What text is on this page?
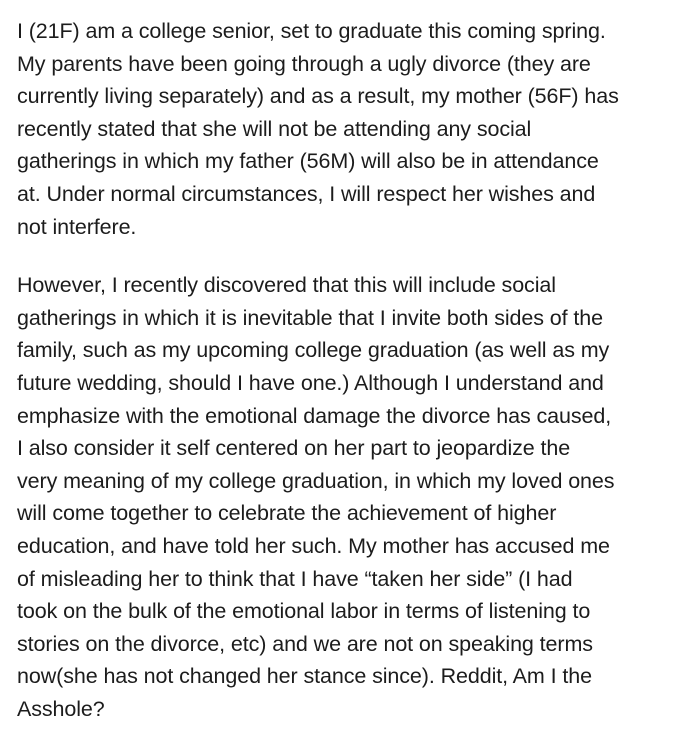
I (21F) am a college senior, set to graduate this coming spring.
My parents have been going through a ugly divorce (they are
currently living separately) and as a result, my mother (56F) has
recently stated that she will not be attending any social
gatherings in which my father (56M) will also be in attendance
at. Under normal circumstances, I will respect her wishes and
not interfere.

However, I recently discovered that this will include social
gatherings in which it is inevitable that I invite both sides of the
family, such as my upcoming college graduation (as well as my
future wedding, should I have one.) Although I understand and
emphasize with the emotional damage the divorce has caused,
I also consider it self centered on her part to jeopardize the
very meaning of my college graduation, in which my loved ones
will come together to celebrate the achievement of higher
education, and have told her such. My mother has accused me
of misleading her to think that I have “taken her side” (I had
took on the bulk of the emotional labor in terms of listening to
stories on the divorce, etc) and we are not on speaking terms
now(she has not changed her stance since). Reddit, Am I the
Asshole?
